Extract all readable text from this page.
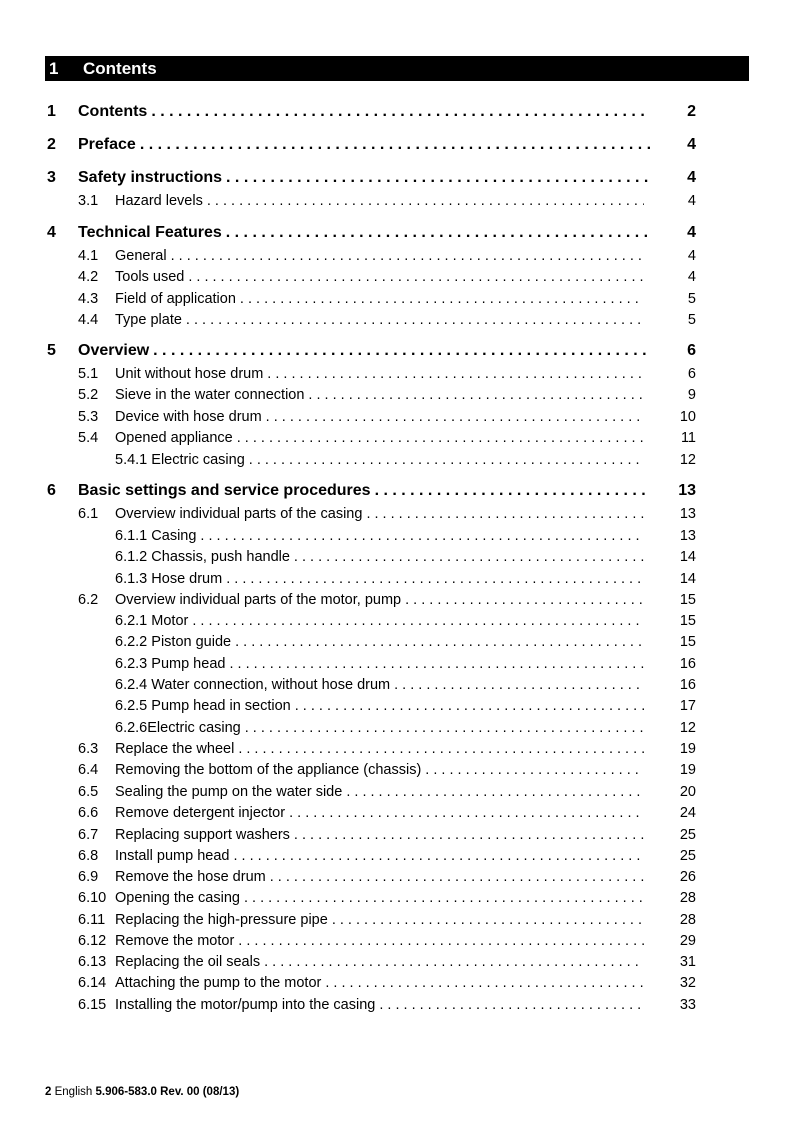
1	Contents
1	Contents . . .	2
2	Preface . . .	4
3	Safety instructions . . .	4
3.1	Hazard levels . . .	4
4	Technical Features . . .	4
4.1	General . . .	4
4.2	Tools used . . .	4
4.3	Field of application . . .	5
4.4	Type plate . . .	5
5	Overview . . .	6
5.1	Unit without hose drum . . .	6
5.2	Sieve in the water connection . . .	9
5.3	Device with hose drum . . .	10
5.4	Opened appliance . . .	11
5.4.1 Electric casing . . .	12
6	Basic settings and service procedures . . .	13
6.1	Overview individual parts of the casing . . .	13
6.1.1 Casing . . .	13
6.1.2 Chassis, push handle . . .	14
6.1.3 Hose drum . . .	14
6.2	Overview individual parts of the motor, pump . . .	15
6.2.1 Motor . . .	15
6.2.2 Piston guide . . .	15
6.2.3 Pump head . . .	16
6.2.4 Water connection, without hose drum . . .	16
6.2.5 Pump head in section . . .	17
6.2.6Electric casing . . .	12
6.3	Replace the wheel . . .	19
6.4	Removing the bottom of the appliance (chassis) . . .	19
6.5	Sealing the pump on the water side . . .	20
6.6	Remove detergent injector . . .	24
6.7	Replacing support washers . . .	25
6.8	Install pump head . . .	25
6.9	Remove the hose drum . . .	26
6.10 Opening the casing . . .	28
6.11 Replacing the high-pressure pipe . . .	28
6.12 Remove the motor . . .	29
6.13 Replacing the oil seals . . .	31
6.14 Attaching the pump to the motor . . .	32
6.15 Installing the motor/pump into the casing . . .	33
2 English 5.906-583.0 Rev. 00 (08/13)
